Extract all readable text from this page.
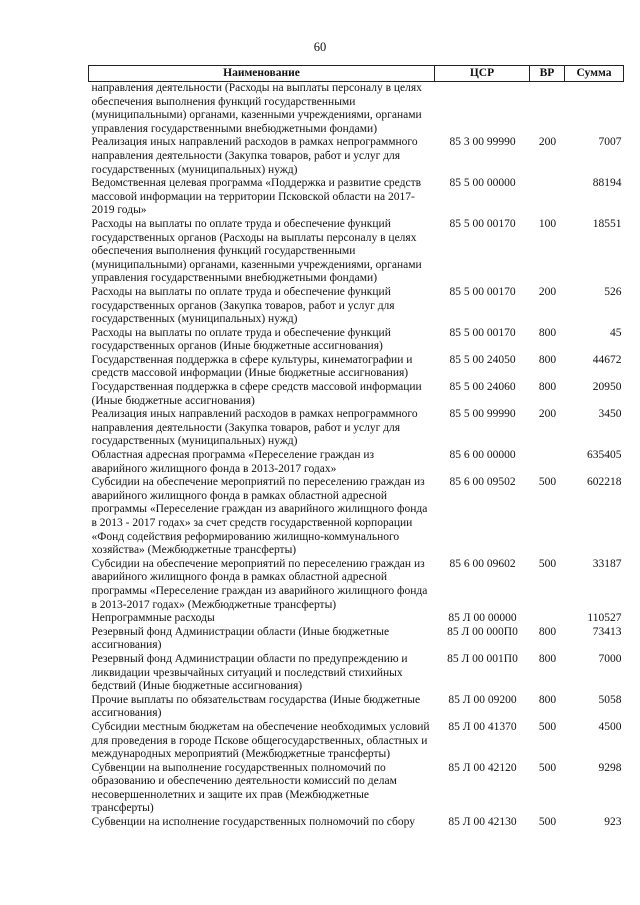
60
Наименование	ЦСР	ВР	Сумма
направления деятельности (Расходы на выплаты персоналу в целях обеспечения выполнения функций государственными (муниципальными) органами, казенными учреждениями, органами управления государственными внебюджетными фондами)			
Реализация иных направлений расходов в рамках непрограммного направления деятельности (Закупка товаров, работ и услуг для государственных (муниципальных) нужд)	85 3 00 99990	200	7007
Ведомственная целевая программа «Поддержка и развитие средств массовой информации на территории Псковской области на 2017-2019 годы»	85 5 00 00000		88194
Расходы на выплаты по оплате труда и обеспечение функций государственных органов (Расходы на выплаты персоналу в целях обеспечения выполнения функций государственными (муниципальными) органами, казенными учреждениями, органами управления государственными внебюджетными фондами)	85 5 00 00170	100	18551
Расходы на выплаты по оплате труда и обеспечение функций государственных органов (Закупка товаров, работ и услуг для государственных (муниципальных) нужд)	85 5 00 00170	200	526
Расходы на выплаты по оплате труда и обеспечение функций государственных органов (Иные бюджетные ассигнования)	85 5 00 00170	800	45
Государственная поддержка в сфере культуры, кинематографии и средств массовой информации (Иные бюджетные ассигнования)	85 5 00 24050	800	44672
Государственная поддержка в сфере средств массовой информации (Иные бюджетные ассигнования)	85 5 00 24060	800	20950
Реализация иных направлений расходов в рамках непрограммного направления деятельности (Закупка товаров, работ и услуг для государственных (муниципальных) нужд)	85 5 00 99990	200	3450
Областная адресная программа «Переселение граждан из аварийного жилищного фонда в 2013-2017 годах»	85 6 00 00000		635405
Субсидии на обеспечение мероприятий по переселению граждан из аварийного жилищного фонда в рамках областной адресной программы «Переселение граждан из аварийного жилищного фонда в 2013 - 2017 годах» за счет средств государственной корпорации «Фонд содействия реформированию жилищно-коммунального хозяйства» (Межбюджетные трансферты)	85 6 00 09502	500	602218
Субсидии на обеспечение мероприятий по переселению граждан из аварийного жилищного фонда в рамках областной адресной программы «Переселение граждан из аварийного жилищного фонда в 2013-2017 годах» (Межбюджетные трансферты)	85 6 00 09602	500	33187
Непрограммные расходы	85 Л 00 00000		110527
Резервный фонд Администрации области (Иные бюджетные ассигнования)	85 Л 00 000П0	800	73413
Резервный фонд Администрации области по предупреждению и ликвидации чрезвычайных ситуаций и последствий стихийных бедствий (Иные бюджетные ассигнования)	85 Л 00 001П0	800	7000
Прочие выплаты по обязательствам государства (Иные бюджетные ассигнования)	85 Л 00 09200	800	5058
Субсидии местным бюджетам на обеспечение необходимых условий для проведения в городе Пскове общегосударственных, областных и международных мероприятий (Межбюджетные трансферты)	85 Л 00 41370	500	4500
Субвенции на выполнение государственных полномочий по образованию и обеспечению деятельности комиссий по делам несовершеннолетних и защите их прав (Межбюджетные трансферты)	85 Л 00 42120	500	9298
Субвенции на исполнение государственных полномочий по сбору	85 Л 00 42130	500	923
